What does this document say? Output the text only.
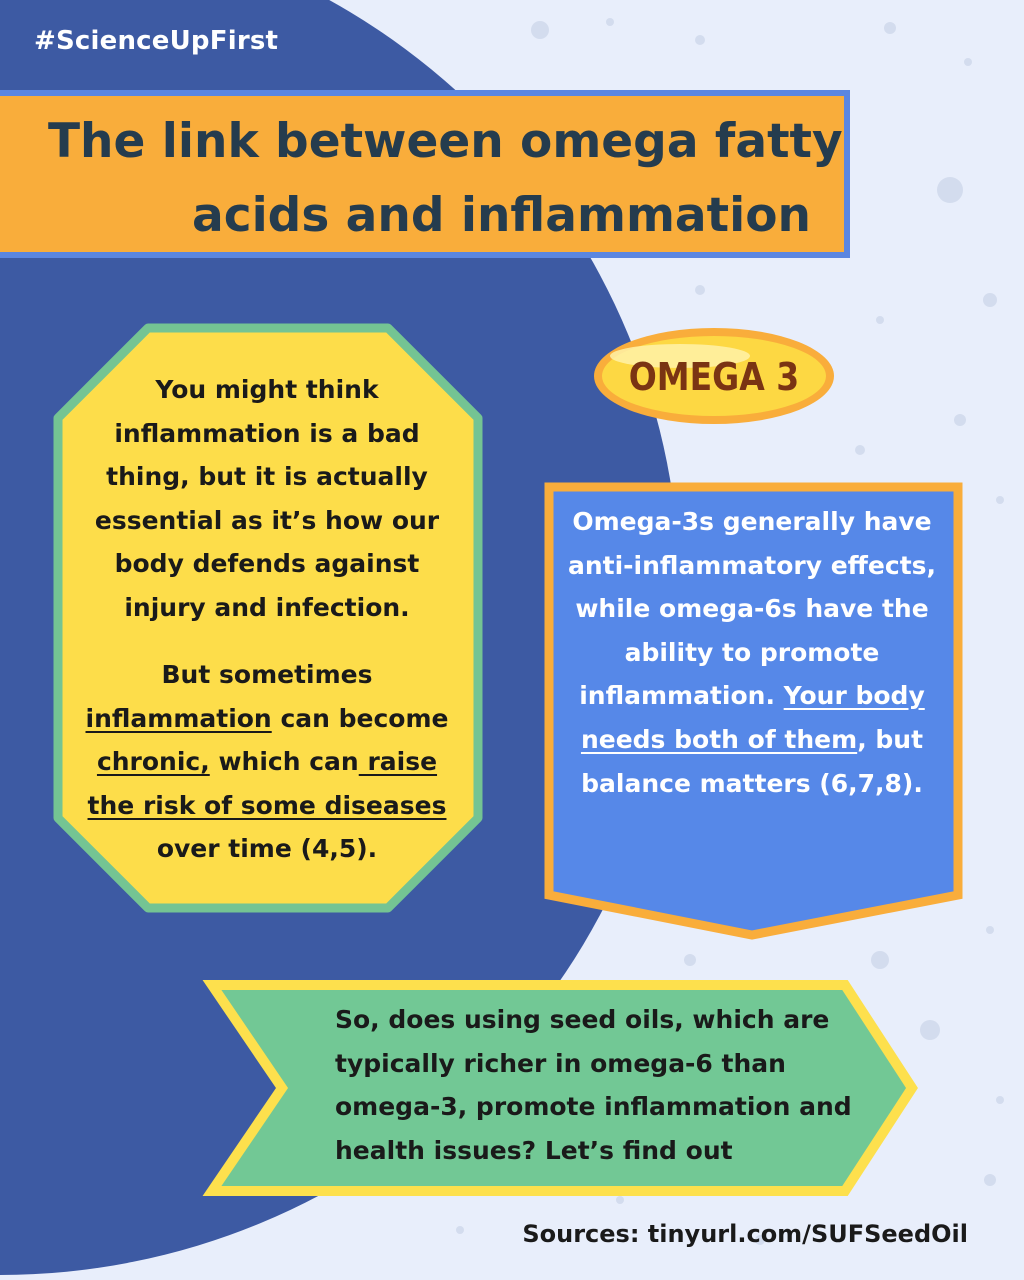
#ScienceUpFirst
The link between omega fatty
acids and inflammation

You might think inflammation is a bad thing, but it is actually essential as it’s how our body defends against injury and infection.

But sometimes inflammation can become chronic, which can raise the risk of some diseases over time (4,5).

OMEGA 3
Omega-3s generally have anti-inflammatory effects, while omega-6s have the ability to promote inflammation. Your body needs both of them, but balance matters (6,7,8).
So, does using seed oils, which are typically richer in omega-6 than omega-3, promote inflammation and health issues? Let’s find out
Sources: tinyurl.com/SUFSeedOil
